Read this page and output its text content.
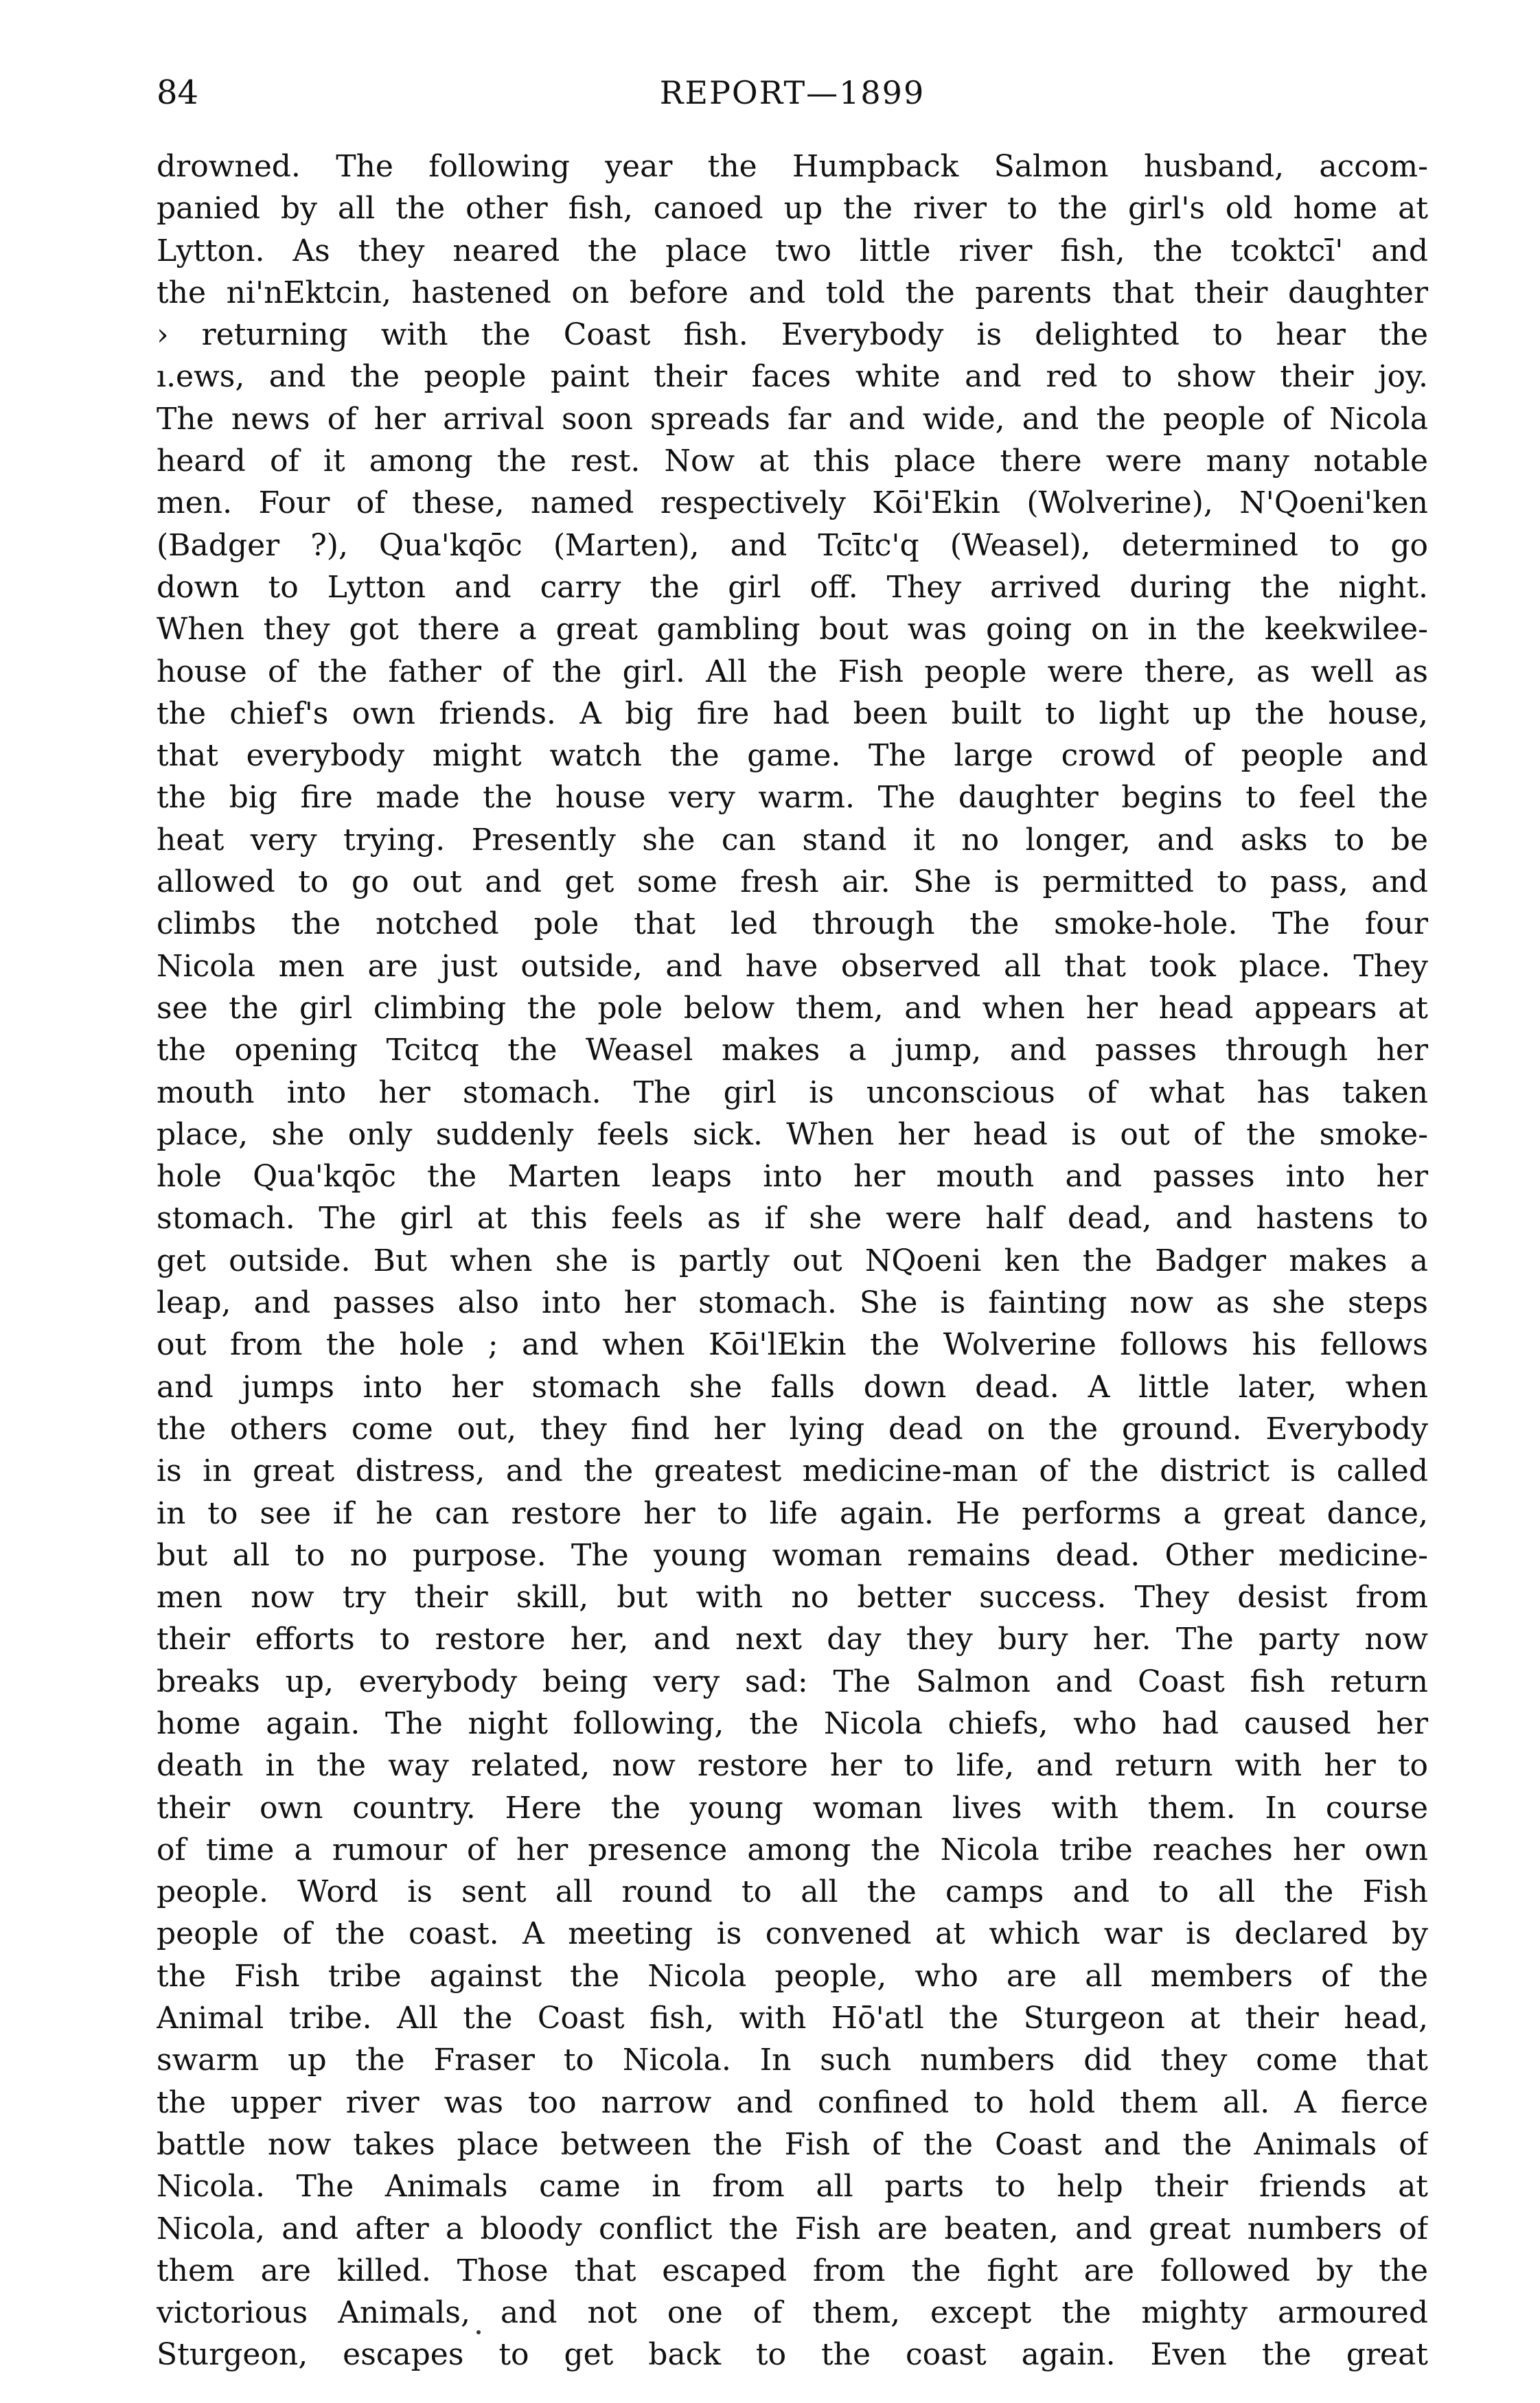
84	REPORT—1899
drowned. The following year the Humpback Salmon husband, accom-
panied by all the other fish, canoed up the river to the girl's old home at
Lytton. As they neared the place two little river fish, the tcoktcī' and
the ni'nEktcin, hastened on before and told the parents that their daughter
› returning with the Coast fish. Everybody is delighted to hear the
ı.ews, and the people paint their faces white and red to show their joy.
The news of her arrival soon spreads far and wide, and the people of Nicola
heard of it among the rest. Now at this place there were many notable
men. Four of these, named respectively Kōi'Ekin (Wolverine), N'Qoeni'ken
(Badger ?), Qua'kqōc (Marten), and Tcītc'q (Weasel), determined to go
down to Lytton and carry the girl off. They arrived during the night.
When they got there a great gambling bout was going on in the keekwilee-
house of the father of the girl. All the Fish people were there, as well as
the chief's own friends. A big fire had been built to light up the house,
that everybody might watch the game. The large crowd of people and
the big fire made the house very warm. The daughter begins to feel the
heat very trying. Presently she can stand it no longer, and asks to be
allowed to go out and get some fresh air. She is permitted to pass, and
climbs the notched pole that led through the smoke-hole. The four
Nicola men are just outside, and have observed all that took place. They
see the girl climbing the pole below them, and when her head appears at
the opening Tcitcq the Weasel makes a jump, and passes through her
mouth into her stomach. The girl is unconscious of what has taken
place, she only suddenly feels sick. When her head is out of the smoke-
hole Qua'kqōc the Marten leaps into her mouth and passes into her
stomach. The girl at this feels as if she were half dead, and hastens to
get outside. But when she is partly out NQoeni ken the Badger makes a
leap, and passes also into her stomach. She is fainting now as she steps
out from the hole ; and when Kōi'lEkin the Wolverine follows his fellows
and jumps into her stomach she falls down dead. A little later, when
the others come out, they find her lying dead on the ground. Everybody
is in great distress, and the greatest medicine-man of the district is called
in to see if he can restore her to life again. He performs a great dance,
but all to no purpose. The young woman remains dead. Other medicine-
men now try their skill, but with no better success. They desist from
their efforts to restore her, and next day they bury her. The party now
breaks up, everybody being very sad: The Salmon and Coast fish return
home again. The night following, the Nicola chiefs, who had caused her
death in the way related, now restore her to life, and return with her to
their own country. Here the young woman lives with them. In course
of time a rumour of her presence among the Nicola tribe reaches her own
people. Word is sent all round to all the camps and to all the Fish
people of the coast. A meeting is convened at which war is declared by
the Fish tribe against the Nicola people, who are all members of the
Animal tribe. All the Coast fish, with Hō'atl the Sturgeon at their head,
swarm up the Fraser to Nicola. In such numbers did they come that
the upper river was too narrow and confined to hold them all. A fierce
battle now takes place between the Fish of the Coast and the Animals of
Nicola. The Animals came in from all parts to help their friends at
Nicola, and after a bloody conflict the Fish are beaten, and great numbers of
them are killed. Those that escaped from the fight are followed by the
victorious Animals, and not one of them, except the mighty armoured
Sturgeon, escapes to get back to the coast again. Even the great
